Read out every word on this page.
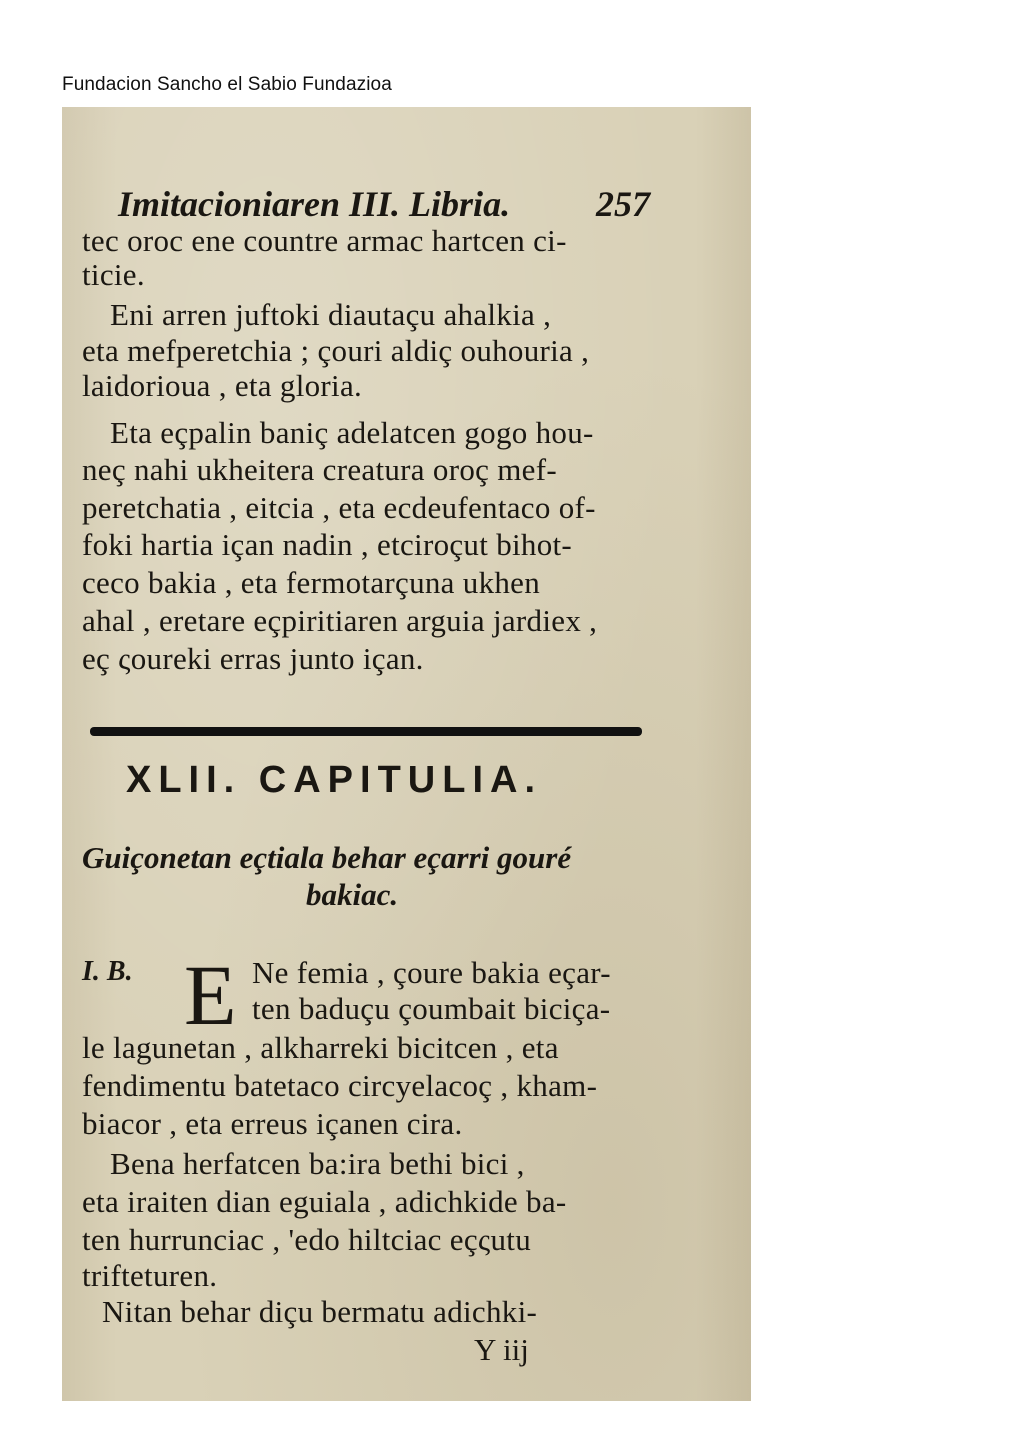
Fundacion Sancho el Sabio Fundazioa
Imitacioniaren III. Libria. 257
tec oroc ene countre armac hartcen ci-
ticie.
Eni arren juftoki diautaçu ahalkia ,
eta mefperetchia ; çouri aldiç ouhouria ,
laidorioua , eta gloria.
Eta eçpalin baniç adelatcen gogo hou-
neç nahi ukheitera creatura oroç mef-
peretchatia , eitcia , eta ecdeufentaco of-
foki hartia içan nadin , etciroçut bihot-
ceco bakia , eta fermotarçuna ukhen
ahal , eretare eçpiritiaren arguia jardiex ,
eç ςoureki erras junto içan.
XLII. CAPITULIA.
Guiçonetan eçtiala behar eçarri gouré
bakiac.
I. B. E Ne femia , çoure bakia eçar-
ten baduçu çoumbait biciça-
le lagunetan , alkharreki bicitcen , eta
fendimentu batetaco circyelacoç , kham-
biacor , eta erreus içanen cira.
Bena herfatcen ba:ira bethi bici ,
eta iraiten dian eguiala , adichkide ba-
ten hurrunciac , 'edo hiltciac eçςutu
trifteturen.
Nitan behar diçu bermatu adichki-
Y iij
